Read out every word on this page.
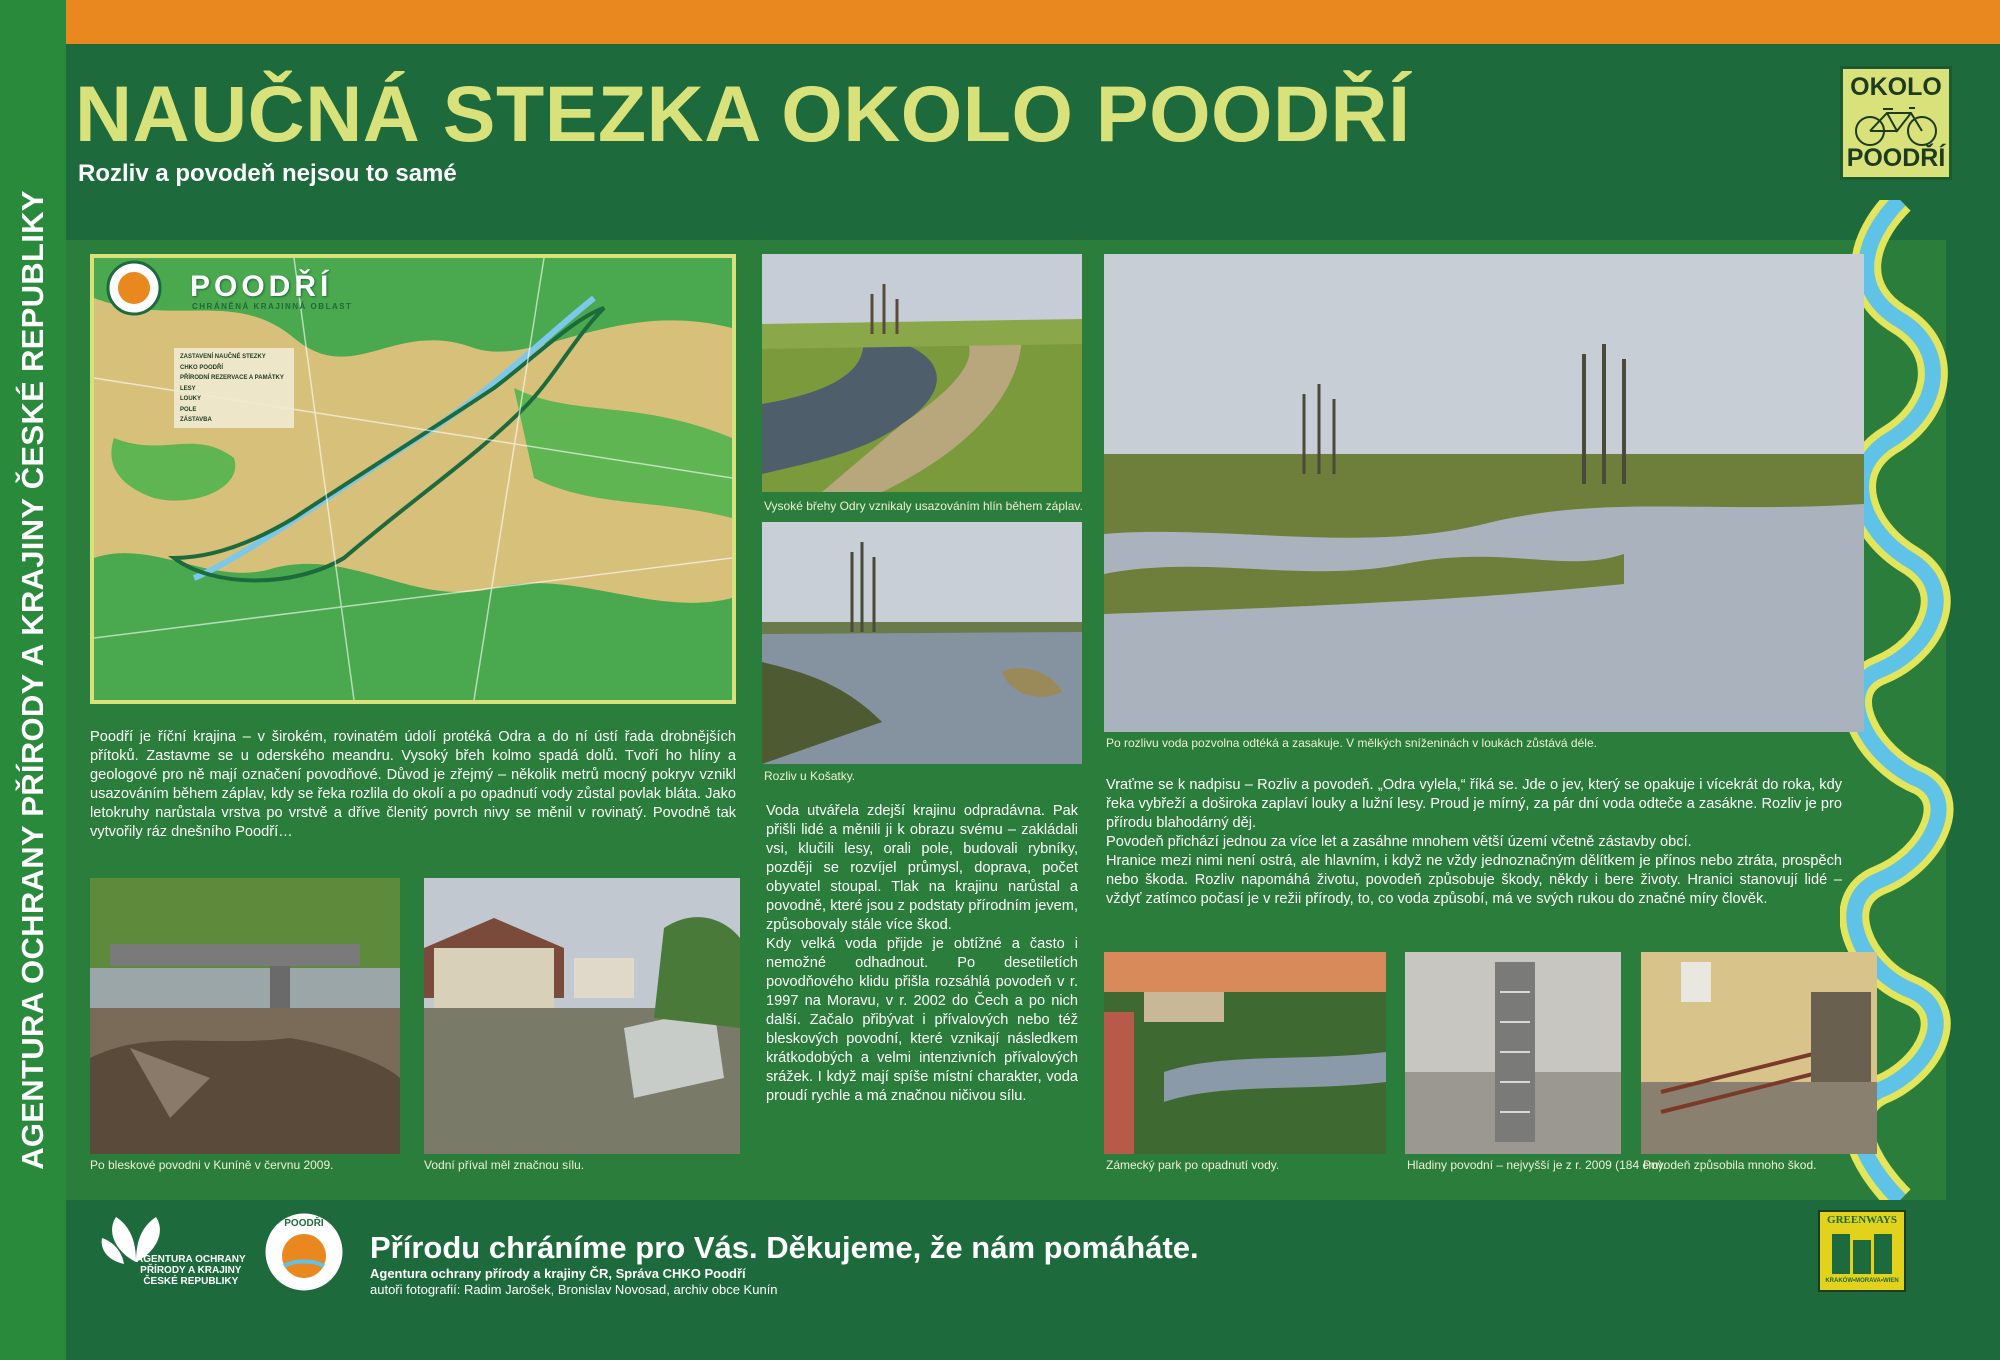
AGENTURA OCHRANY PŘÍRODY A KRAJINY ČESKÉ REPUBLIKY
NAUČNÁ STEZKA OKOLO POODŘÍ
Rozliv a povodeň nejsou to samé
OKOLO
POODŘÍ
POODŘÍ
CHRÁNĚNÁ KRAJINNÁ OBLAST
ZASTAVENÍ NAUČNÉ STEZKY
CHKO POODŘÍ
PŘÍRODNÍ REZERVACE A PAMÁTKY
LESY
LOUKY
POLE
ZÁSTAVBA
Poodří je říční krajina – v širokém, rovinatém údolí protéká Odra a do ní ústí řada drobnějších přítoků. Zastavme se u oderského meandru. Vysoký břeh kolmo spadá dolů. Tvoří ho hlíny a geologové pro ně mají označení povodňové. Důvod je zřejmý – několik metrů mocný pokryv vznikl usazováním během záplav, kdy se řeka rozlila do okolí a po opadnutí vody zůstal povlak bláta. Jako letokruhy narůstala vrstva po vrstvě a dříve členitý povrch nivy se měnil v rovinatý. Povodně tak vytvořily ráz dnešního Poodří…
Vysoké břehy Odry vznikaly usazováním hlín během záplav.
Rozliv u Košatky.
Po rozlivu voda pozvolna odtéká a zasakuje. V mělkých sníženinách v loukách zůstává déle.
Voda utvářela zdejší krajinu odpradávna. Pak přišli lidé a měnili ji k obrazu svému – zakládali vsi, klučili lesy, orali pole, budovali rybníky, později se rozvíjel průmysl, doprava, počet obyvatel stoupal. Tlak na krajinu narůstal a povodně, které jsou z podstaty přírodním jevem, způsobovaly stále více škod.
Kdy velká voda přijde je obtížné a často i nemožné odhadnout. Po desetiletích povodňového klidu přišla rozsáhlá povodeň v r. 1997 na Moravu, v r. 2002 do Čech a po nich další. Začalo přibývat i přívalových nebo též bleskových povodní, které vznikají následkem krátkodobých a velmi intenzivních přívalových srážek. I když mají spíše místní charakter, voda proudí rychle a má značnou ničivou sílu.
Vraťme se k nadpisu – Rozliv a povodeň. „Odra vylela,“ říká se. Jde o jev, který se opakuje i vícekrát do roka, kdy řeka vybřeží a doširoka zaplaví louky a lužní lesy. Proud je mírný, za pár dní voda odteče a zasákne. Rozliv je pro přírodu blahodárný děj.
Povodeň přichází jednou za více let a zasáhne mnohem větší území včetně zástavby obcí.
Hranice mezi nimi není ostrá, ale hlavním, i když ne vždy jednoznačným dělítkem je přínos nebo ztráta, prospěch nebo škoda. Rozliv napomáhá životu, povodeň způsobuje škody, někdy i bere životy. Hranici stanovují lidé – vždyť zatímco počasí je v režii přírody, to, co voda způsobí, má ve svých rukou do značné míry člověk.
Po bleskové povodni v Kuníně v červnu 2009.	Vodní příval měl značnou sílu.	Zámecký park po opadnutí vody.	Hladiny povodní – nejvyšší je z r. 2009 (184 cm).
Povodeň způsobila mnoho škod.
AGENTURA OCHRANY
PŘÍRODY A KRAJINY
ČESKÉ REPUBLIKY
POODŘÍ
Přírodu chráníme pro Vás. Děkujeme, že nám pomáháte.
Agentura ochrany přírody a krajiny ČR, Správa CHKO Poodří
autoři fotografií: Radim Jarošek, Bronislav Novosad, archiv obce Kunín
GREENWAYS
KRAKÓW•MORAVA•WIEN
